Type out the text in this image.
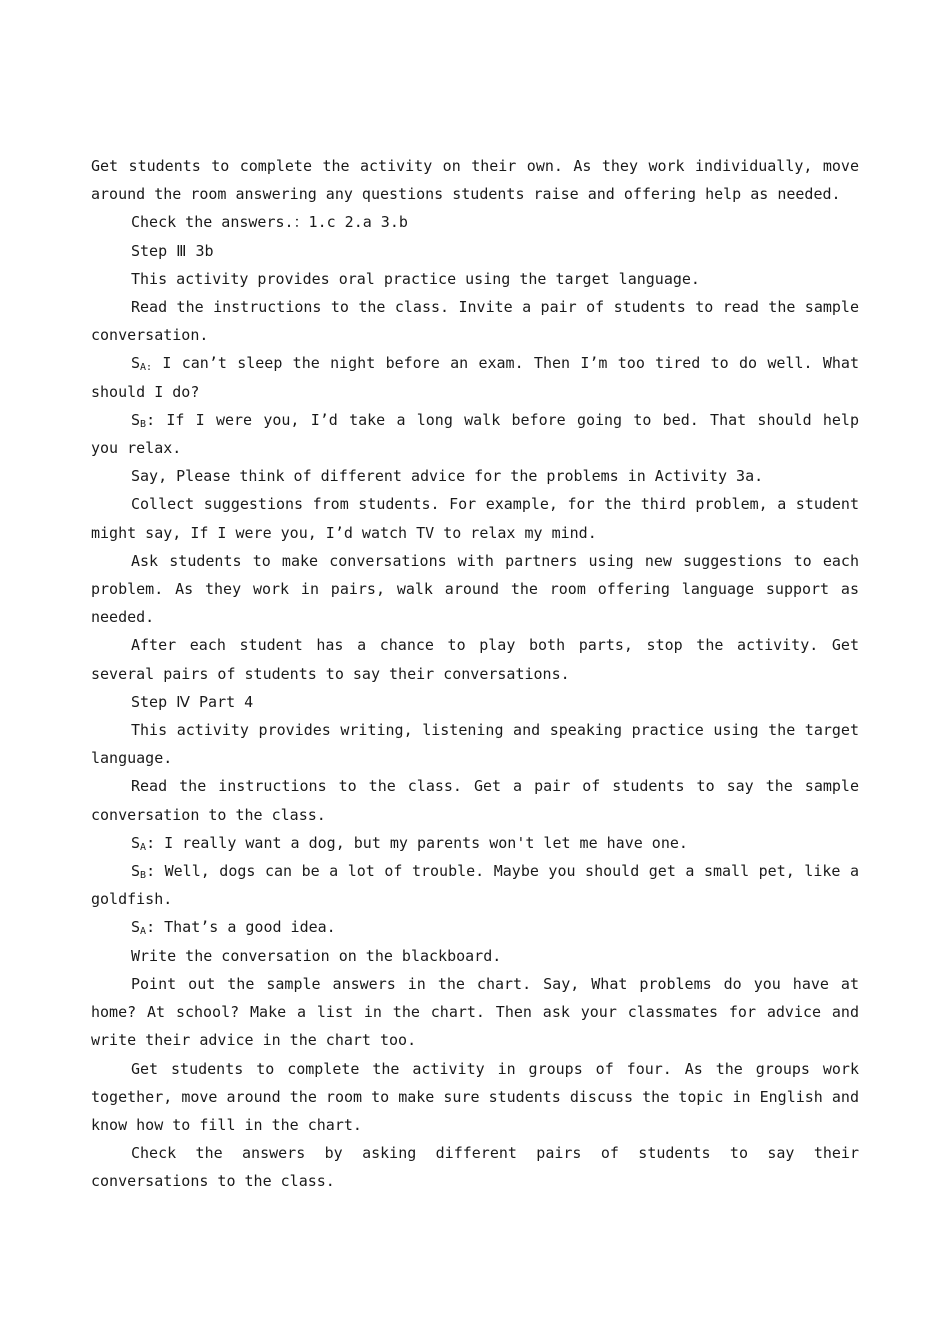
Get students to complete the activity on their own. As they work individually, move around the room answering any questions students raise and offering help as needed.

Check the answers.：1.c 2.a 3.b

Step Ⅲ 3b

This activity provides oral practice using the target language.

Read the instructions to the class. Invite a pair of students to read the sample conversation.

$S_{A:}$ I can’t sleep the night before an exam. Then I’m too tired to do well. What should I do?

$S_B$: If I were you, I’d take a long walk before going to bed. That should help you relax.

Say, Please think of different advice for the problems in Activity 3a.

Collect suggestions from students. For example, for the third problem, a student might say, If I were you, I’d watch TV to relax my mind.

Ask students to make conversations with partners using new suggestions to each problem. As they work in pairs, walk around the room offering language support as needed.

After each student has a chance to play both parts, stop the activity. Get several pairs of students to say their conversations.

Step Ⅳ Part 4

This activity provides writing, listening and speaking practice using the target language.

Read the instructions to the class. Get a pair of students to say the sample conversation to the class.

$S_A$: I really want a dog, but my parents won't let me have one.

$S_B$: Well, dogs can be a lot of trouble. Maybe you should get a small pet, like a goldfish.

$S_A$: That’s a good idea.

Write the conversation on the blackboard.

Point out the sample answers in the chart. Say, What problems do you have at home? At school? Make a list in the chart. Then ask your classmates for advice and write their advice in the chart too.

Get students to complete the activity in groups of four. As the groups work together, move around the room to make sure students discuss the topic in English and know how to fill in the chart.

Check the answers by asking different pairs of students to say their conversations to the class.
